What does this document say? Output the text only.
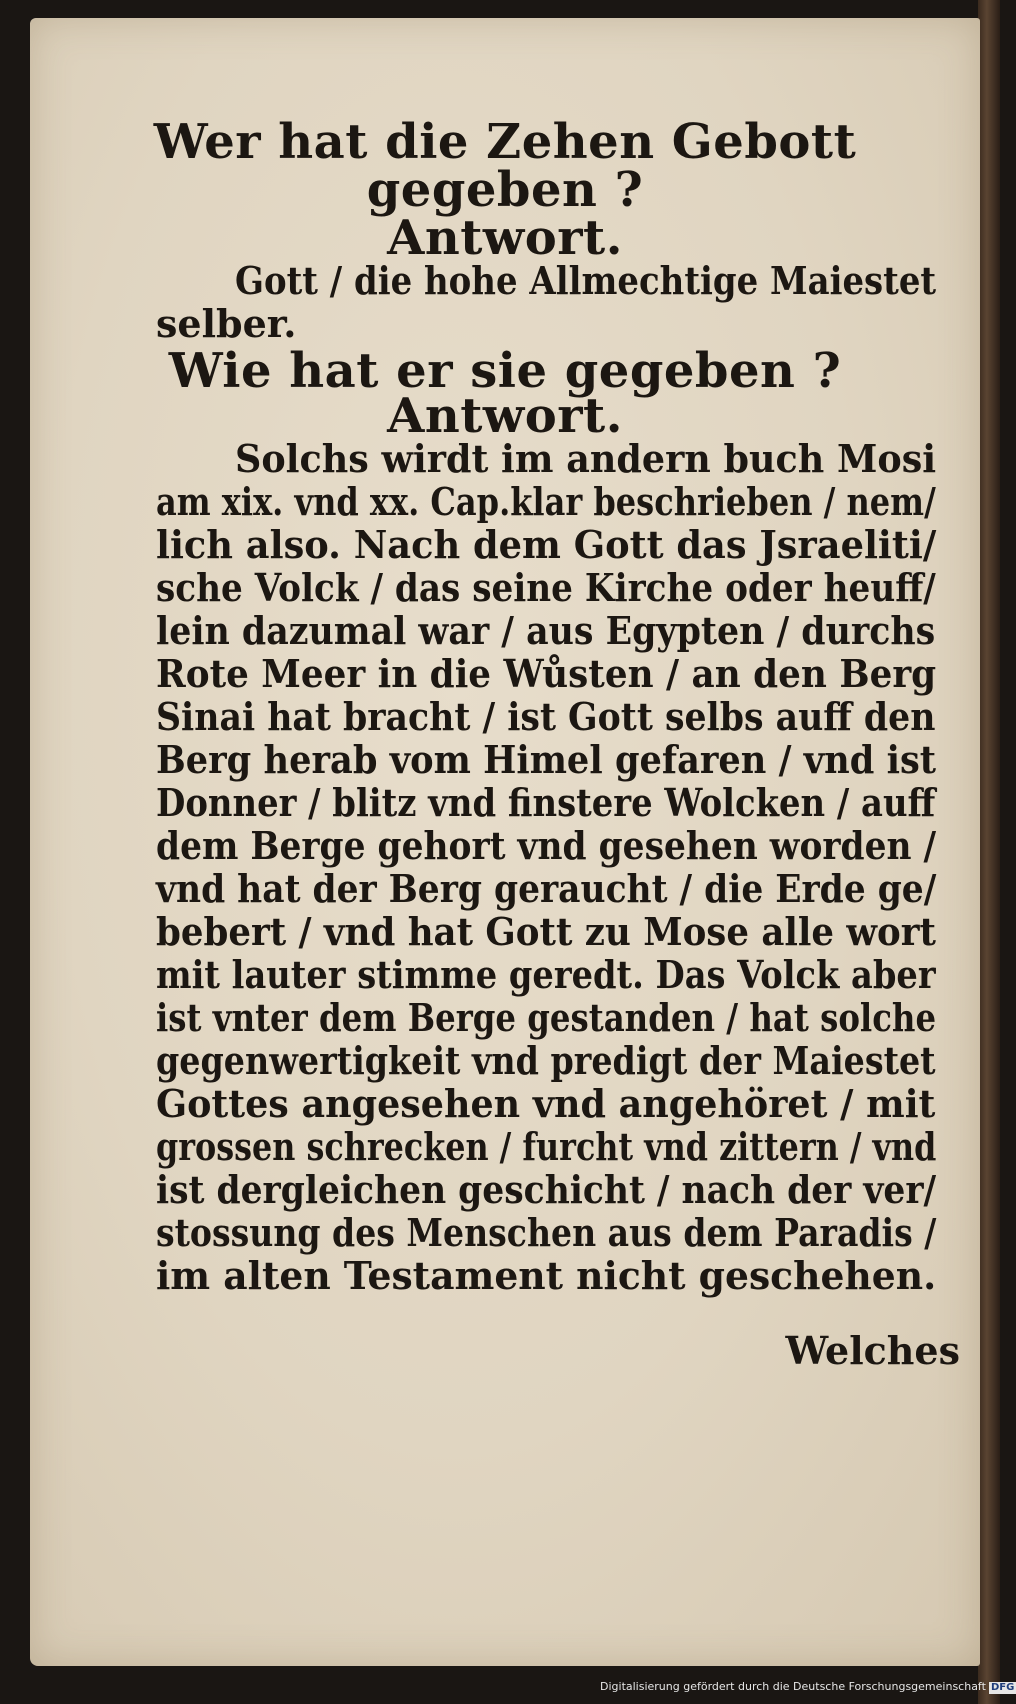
Wer hat die Zehen Gebott
gegeben ?
Antwort.
Gott / die hohe Allmechtige Maiestet
selber.
Wie hat er sie gegeben ?
Antwort.
Solchs wirdt im andern buch Mosi
am xix. vnd xx. Cap.klar beschrieben / nem/
lich also. Nach dem Gott das Jsraeliti/
sche Volck / das seine Kirche oder heuff/
lein dazumal war / aus Egypten / durchs
Rote Meer in die Wůsten / an den Berg
Sinai hat bracht / ist Gott selbs auff den
Berg herab vom Himel gefaren / vnd ist
Donner / blitz vnd finstere Wolcken / auff
dem Berge gehort vnd gesehen worden /
vnd hat der Berg geraucht / die Erde ge/
bebert / vnd hat Gott zu Mose alle wort
mit lauter stimme geredt. Das Volck aber
ist vnter dem Berge gestanden / hat solche
gegenwertigkeit vnd predigt der Maiestet
Gottes angesehen vnd angehöret / mit
grossen schrecken / furcht vnd zittern / vnd
ist dergleichen geschicht / nach der ver/
stossung des Menschen aus dem Paradis /
im alten Testament nicht geschehen.
Welches
Digitalisierung gefördert durch die Deutsche Forschungsgemeinschaft DFG
